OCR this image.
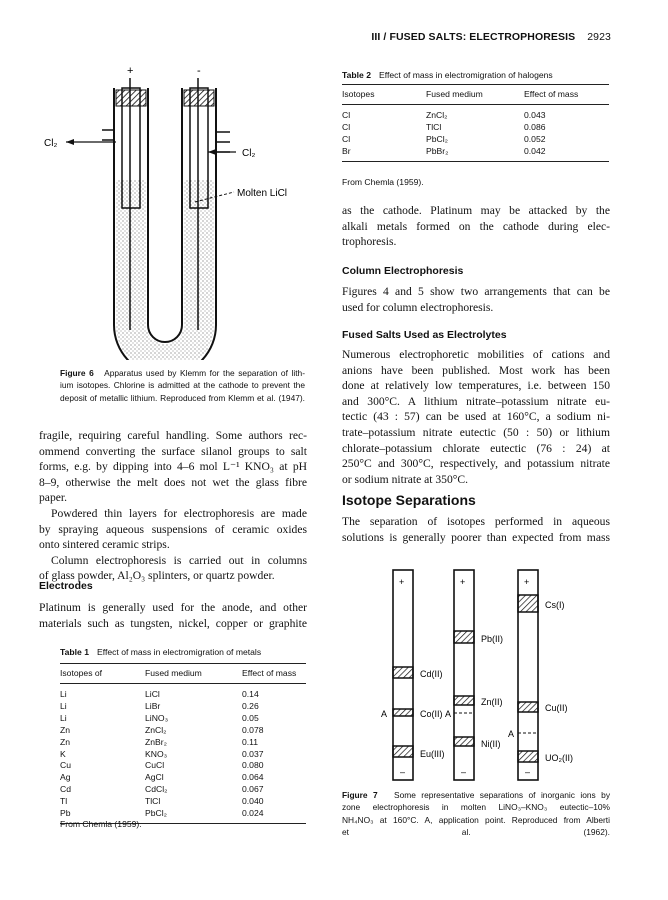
III / FUSED SALTS: ELECTROPHORESIS 2923
+	-
Cl₂
Cl₂
Molten LiCl
Figure 6 Apparatus used by Klemm for the separation of lith-
ium isotopes. Chlorine is admitted at the cathode to prevent the
deposit of metallic lithium. Reproduced from Klemm et al. (1947).
fragile, requiring careful handling. Some authors rec-
ommend converting the surface silanol groups to salt
forms, e.g. by dipping into 4–6 mol L⁻¹ KNO₃ at pH
8–9, otherwise the melt does not wet the glass fibre
paper.
Powdered thin layers for electrophoresis are made
by spraying aqueous suspensions of ceramic oxides
onto sintered ceramic strips.
Column electrophoresis is carried out in columns
of glass powder, Al₂O₃ splinters, or quartz powder.
Electrodes
Platinum is generally used for the anode, and other
materials such as tungsten, nickel, copper or graphite
Table 1 Effect of mass in electromigration of metals
Isotopes of	Fused medium	Effect of mass
Li	LiCl	0.14
Li	LiBr	0.26
Li	LiNO₃	0.05
Zn	ZnCl₂	0.078
Zn	ZnBr₂	0.11
K	KNO₃	0.037
Cu	CuCl	0.080
Ag	AgCl	0.064
Cd	CdCl₂	0.067
Tl	TlCl	0.040
Pb	PbCl₂	0.024
From Chemla (1959).
Table 2 Effect of mass in electromigration of halogens
Isotopes	Fused medium	Effect of mass
Cl	ZnCl₂	0.043
Cl	TlCl	0.086
Cl	PbCl₂	0.052
Br	PbBr₂	0.042
From Chemla (1959).
as the cathode. Platinum may be attacked by the
alkali metals formed on the cathode during elec-
trophoresis.
Column Electrophoresis
Figures 4 and 5 show two arrangements that can be
used for column electrophoresis.
Fused Salts Used as Electrolytes
Numerous electrophoretic mobilities of cations and
anions have been published. Most work has been
done at relatively low temperatures, i.e. between 150
and 300°C. A lithium nitrate–potassium nitrate eu-
tectic (43 : 57) can be used at 160°C, a sodium ni-
trate–potassium nitrate eutectic (50 : 50) or lithium
chlorate–potassium chlorate eutectic (76 : 24) at
250°C and 300°C, respectively, and potassium nitrate
or sodium nitrate at 350°C.
Isotope Separations
The separation of isotopes performed in aqueous
solutions is generally poorer than expected from mass
+
–
A
Cd(II)
Co(II)
Eu(III)
+
–
A
Pb(II)
Zn(II)
Ni(II)
+
–
A
Cs(I)
Cu(II)
UO₂(II)
Figure 7 Some representative separations of inorganic ions by
zone electrophoresis in molten LiNO₃–KNO₃ eutectic–10%
NH₄NO₃ at 160°C. A, application point. Reproduced from Alberti
et al. (1962).
